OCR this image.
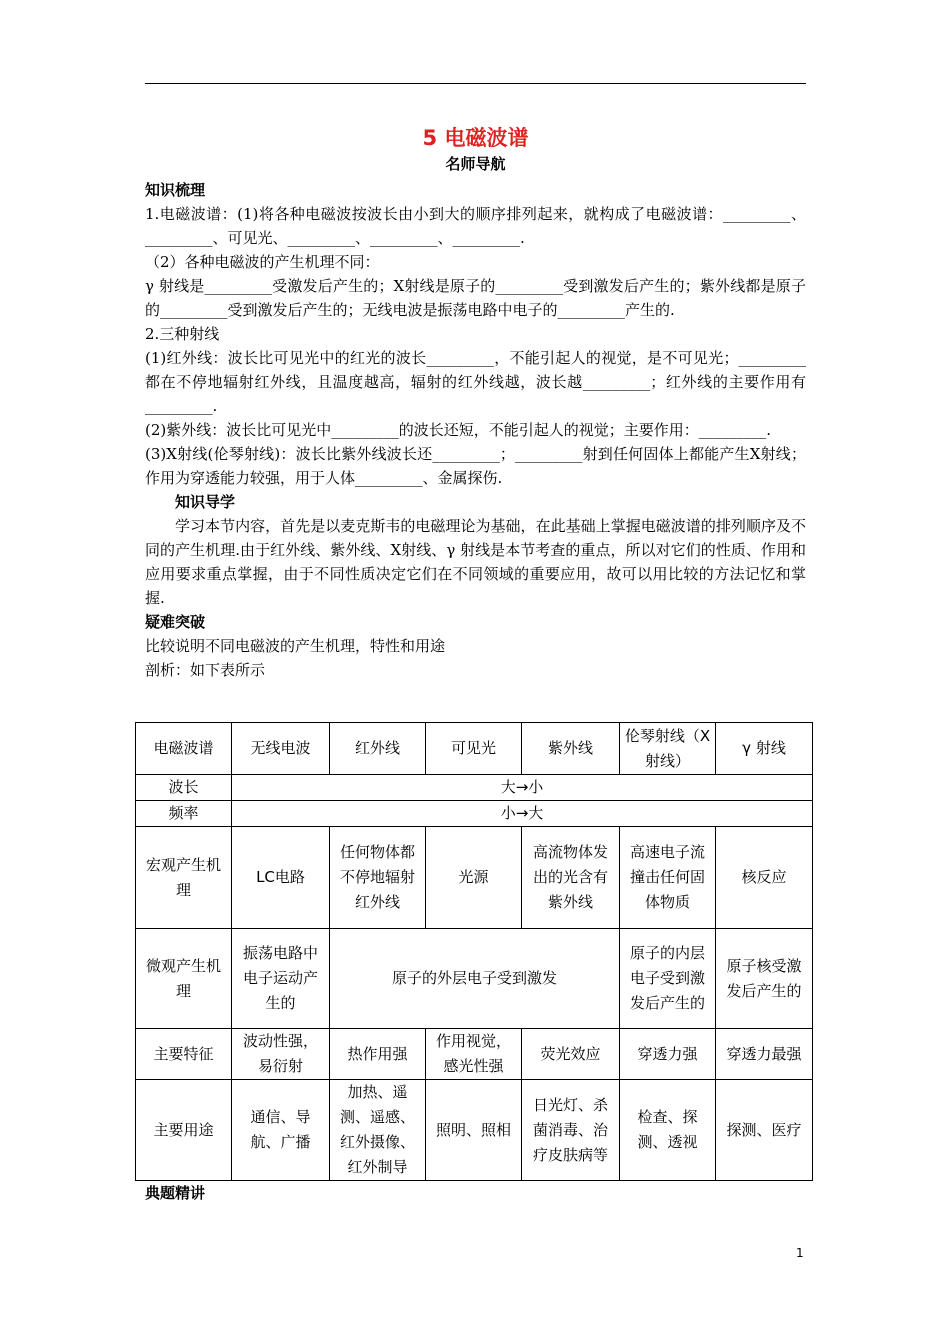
5 电磁波谱
名师导航
知识梳理
1.电磁波谱：(1)将各种电磁波按波长由小到大的顺序排列起来，就构成了电磁波谱：_________、_________、可见光、_________、_________、_________.
（2）各种电磁波的产生机理不同：
γ 射线是_________受激发后产生的；X射线是原子的_________受到激发后产生的；紫外线都是原子的_________受到激发后产生的；无线电波是振荡电路中电子的_________产生的.
2.三种射线
(1)红外线：波长比可见光中的红光的波长_________，不能引起人的视觉，是不可见光；_________都在不停地辐射红外线，且温度越高，辐射的红外线越，波长越_________；红外线的主要作用有_________.
(2)紫外线：波长比可见光中_________的波长还短，不能引起人的视觉；主要作用：_________.
(3)X射线(伦琴射线)：波长比紫外线波长还_________；_________射到任何固体上都能产生X射线；作用为穿透能力较强，用于人体_________、金属探伤.
知识导学
学习本节内容，首先是以麦克斯韦的电磁理论为基础，在此基础上掌握电磁波谱的排列顺序及不同的产生机理.由于红外线、紫外线、X射线、γ 射线是本节考查的重点，所以对它们的性质、作用和应用要求重点掌握，由于不同性质决定它们在不同领域的重要应用，故可以用比较的方法记忆和掌握.
疑难突破
比较说明不同电磁波的产生机理，特性和用途
剖析：如下表所示
电磁波谱	无线电波	红外线	可见光	紫外线	伦琴射线（X射线）	γ 射线
波长	大→小					
频率	小→大					
宏观产生机理	LC电路	任何物体都不停地辐射红外线	光源	高流物体发出的光含有紫外线	高速电子流撞击任何固体物质	核反应
微观产生机理	振荡电路中电子运动产生的	原子的外层电子受到激发			原子的内层电子受到激发后产生的	原子核受激发后产生的
主要特征	波动性强，易衍射	热作用强	作用视觉，感光性强	荧光效应	穿透力强	穿透力最强
主要用途	通信、导航、广播	加热、遥测、遥感、红外摄像、红外制导	照明、照相	日光灯、杀菌消毒、治疗皮肤病等	检查、探测、透视	探测、医疗
典题精讲
1
